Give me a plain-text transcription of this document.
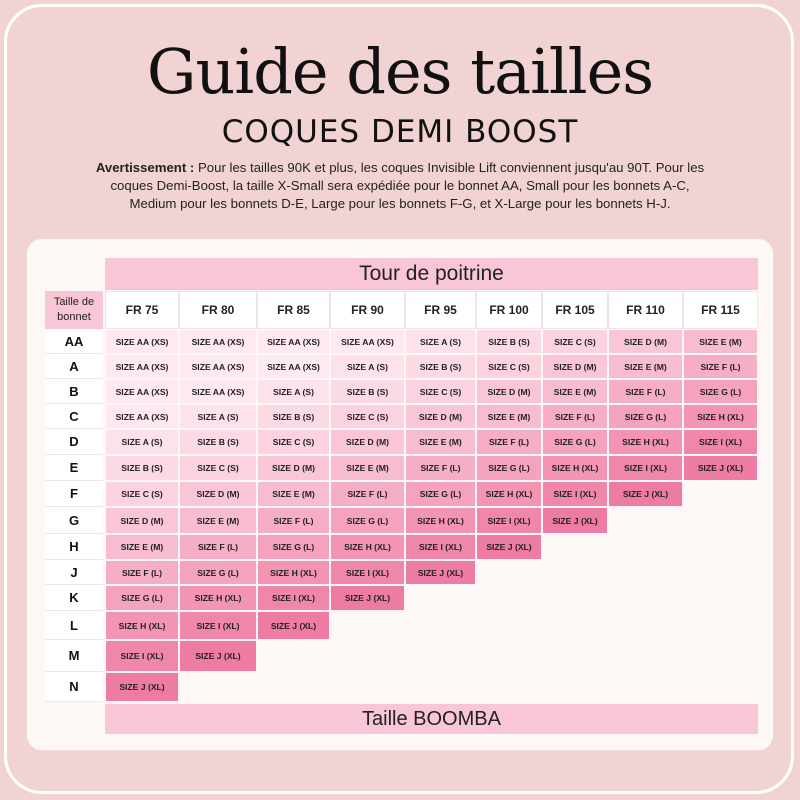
Guide des tailles
COQUES DEMI BOOST
Avertissement : Pour les tailles 90K et plus, les coques Invisible Lift conviennent jusqu'au 90T. Pour les coques Demi-Boost, la taille X-Small sera expédiée pour le bonnet AA, Small pour les bonnets A-C, Medium pour les bonnets D-E, Large pour les bonnets F-G, et X-Large pour les bonnets H-J.
Tour de poitrine
Taille de bonnet	FR 75	FR 80	FR 85	FR 90	FR 95	FR 100	FR 105	FR 110	FR 115
AA	SIZE AA (XS)	SIZE AA (XS)	SIZE AA (XS)	SIZE AA (XS)	SIZE A (S)	SIZE B (S)	SIZE C (S)	SIZE D (M)	SIZE E (M)
A	SIZE AA (XS)	SIZE AA (XS)	SIZE AA (XS)	SIZE A (S)	SIZE B (S)	SIZE C (S)	SIZE D (M)	SIZE E (M)	SIZE F (L)
B	SIZE AA (XS)	SIZE AA (XS)	SIZE A (S)	SIZE B (S)	SIZE C (S)	SIZE D (M)	SIZE E (M)	SIZE F (L)	SIZE G (L)
C	SIZE AA (XS)	SIZE A (S)	SIZE B (S)	SIZE C (S)	SIZE D (M)	SIZE E (M)	SIZE F (L)	SIZE G (L)	SIZE H (XL)
D	SIZE A (S)	SIZE B (S)	SIZE C (S)	SIZE D (M)	SIZE E (M)	SIZE F (L)	SIZE G (L)	SIZE H (XL)	SIZE I (XL)
E	SIZE B (S)	SIZE C (S)	SIZE D (M)	SIZE E (M)	SIZE F (L)	SIZE G (L)	SIZE H (XL)	SIZE I (XL)	SIZE J (XL)
F	SIZE C (S)	SIZE D (M)	SIZE E (M)	SIZE F (L)	SIZE G (L)	SIZE H (XL)	SIZE I (XL)	SIZE J (XL)
G	SIZE D (M)	SIZE E (M)	SIZE F (L)	SIZE G (L)	SIZE H (XL)	SIZE I (XL)	SIZE J (XL)
H	SIZE E (M)	SIZE F (L)	SIZE G (L)	SIZE H (XL)	SIZE I (XL)	SIZE J (XL)
J	SIZE F (L)	SIZE G (L)	SIZE H (XL)	SIZE I (XL)	SIZE J (XL)
K	SIZE G (L)	SIZE H (XL)	SIZE I (XL)	SIZE J (XL)
L	SIZE H (XL)	SIZE I (XL)	SIZE J (XL)
M	SIZE I (XL)	SIZE J (XL)
N	SIZE J (XL)
Taille BOOMBA
